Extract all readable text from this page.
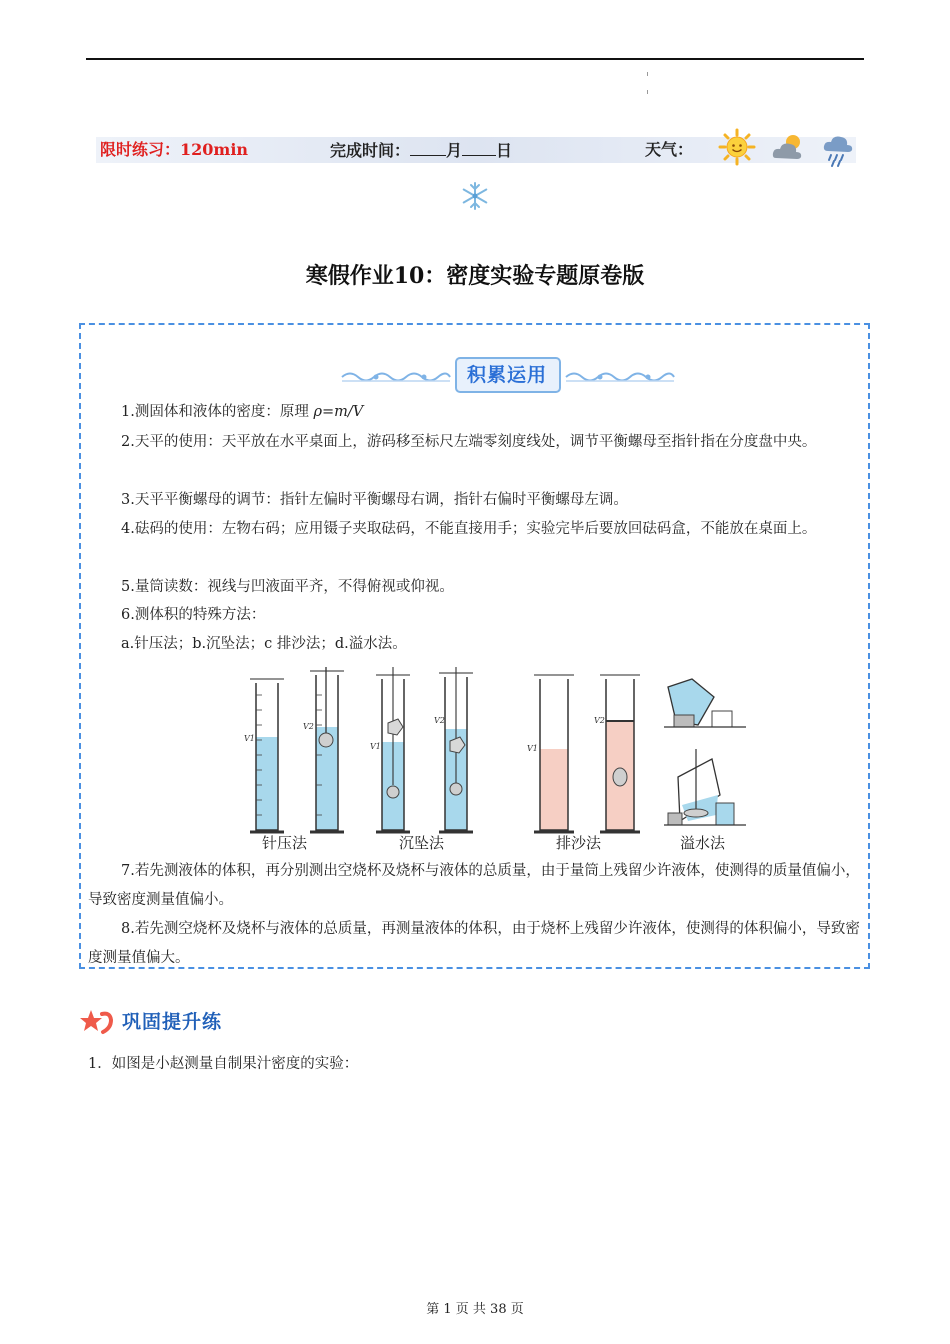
限时练习：120min	完成时间： 月 日	天气：
寒假作业10：密度实验专题原卷版
积累运用
1.测固体和液体的密度：原理 ρ=m/V
2.天平的使用：天平放在水平桌面上，游码移至标尺左端零刻度线处，调节平衡螺母至指针指在分度盘中央。
3.天平平衡螺母的调节：指针左偏时平衡螺母右调，指针右偏时平衡螺母左调。
4.砝码的使用：左物右码；应用镊子夹取砝码，不能直接用手；实验完毕后要放回砝码盒，不能放在桌面上。
5.量筒读数：视线与凹液面平齐，不得俯视或仰视。
6.测体积的特殊方法：
a.针压法；b.沉坠法；c 排沙法；d.溢水法。
V1
V2
V1
V2
V1
V2
针压法	沉坠法	排沙法	溢水法
7.若先测液体的体积，再分别测出空烧杯及烧杯与液体的总质量，由于量筒上残留少许液体，使测得的质量值偏小，导致密度测量值偏小。
8.若先测空烧杯及烧杯与液体的总质量，再测量液体的体积，由于烧杯上残留少许液体，使测得的体积偏小，导致密度测量值偏大。
巩固提升练
1．如图是小赵测量自制果汁密度的实验：
第 1 页 共 38 页
